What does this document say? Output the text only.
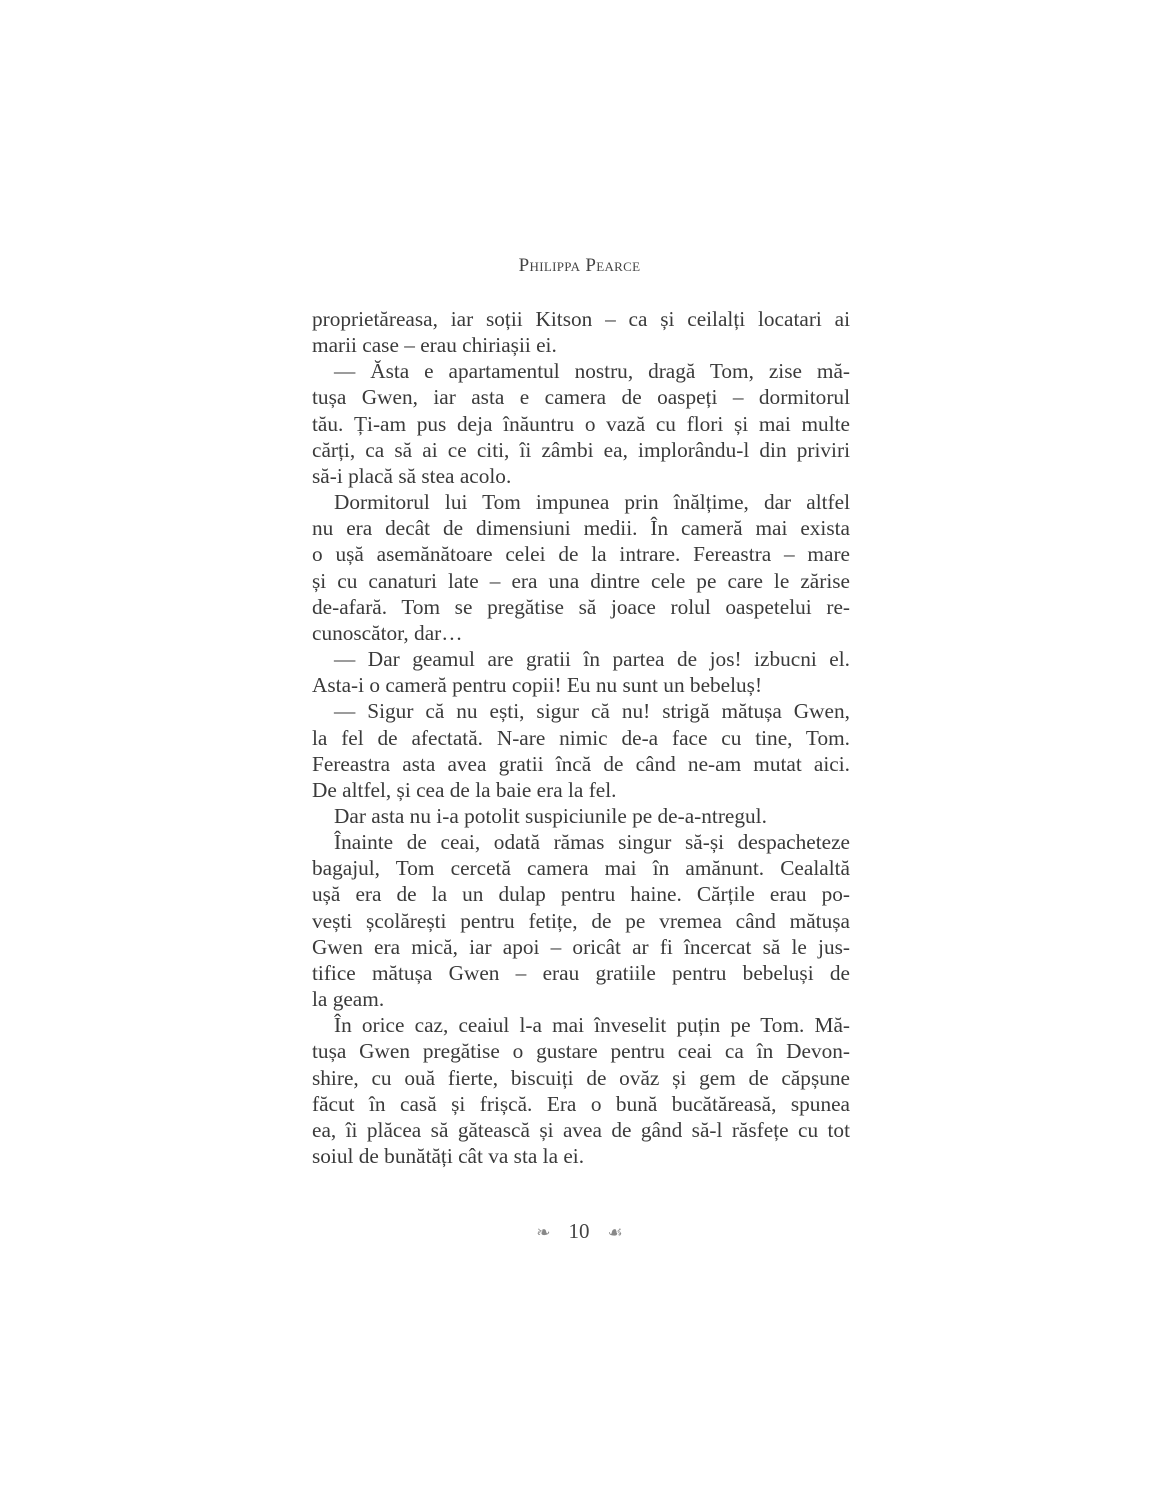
Philippa Pearce
proprietăreasa, iar soții Kitson – ca și ceilalți locatari ai
marii case – erau chiriașii ei.
— Ăsta e apartamentul nostru, dragă Tom, zise mă-
tușa Gwen, iar asta e camera de oaspeți – dormitorul
tău. Ți-am pus deja înăuntru o vază cu flori și mai multe
cărți, ca să ai ce citi, îi zâmbi ea, implorându-l din priviri
să-i placă să stea acolo.
Dormitorul lui Tom impunea prin înălțime, dar altfel
nu era decât de dimensiuni medii. În cameră mai exista
o ușă asemănătoare celei de la intrare. Fereastra – mare
și cu canaturi late – era una dintre cele pe care le zărise
de-afară. Tom se pregătise să joace rolul oaspetelui re-
cunoscător, dar…
— Dar geamul are gratii în partea de jos! izbucni el.
Asta-i o cameră pentru copii! Eu nu sunt un bebeluș!
— Sigur că nu ești, sigur că nu! strigă mătușa Gwen,
la fel de afectată. N-are nimic de-a face cu tine, Tom.
Fereastra asta avea gratii încă de când ne-am mutat aici.
De altfel, și cea de la baie era la fel.
Dar asta nu i-a potolit suspiciunile pe de-a-ntregul.
Înainte de ceai, odată rămas singur să-și despacheteze
bagajul, Tom cercetă camera mai în amănunt. Cealaltă
ușă era de la un dulap pentru haine. Cărțile erau po-
vești școlărești pentru fetițe, de pe vremea când mătușa
Gwen era mică, iar apoi – oricât ar fi încercat să le jus-
tifice mătușa Gwen – erau gratiile pentru bebeluși de
la geam.
În orice caz, ceaiul l-a mai înveselit puțin pe Tom. Mă-
tușa Gwen pregătise o gustare pentru ceai ca în Devon-
shire, cu ouă fierte, biscuiți de ovăz și gem de căpșune
făcut în casă și frișcă. Era o bună bucătăreasă, spunea
ea, îi plăcea să gătească și avea de gând să-l răsfețe cu tot
soiul de bunătăți cât va sta la ei.
❧ 10 ☙
